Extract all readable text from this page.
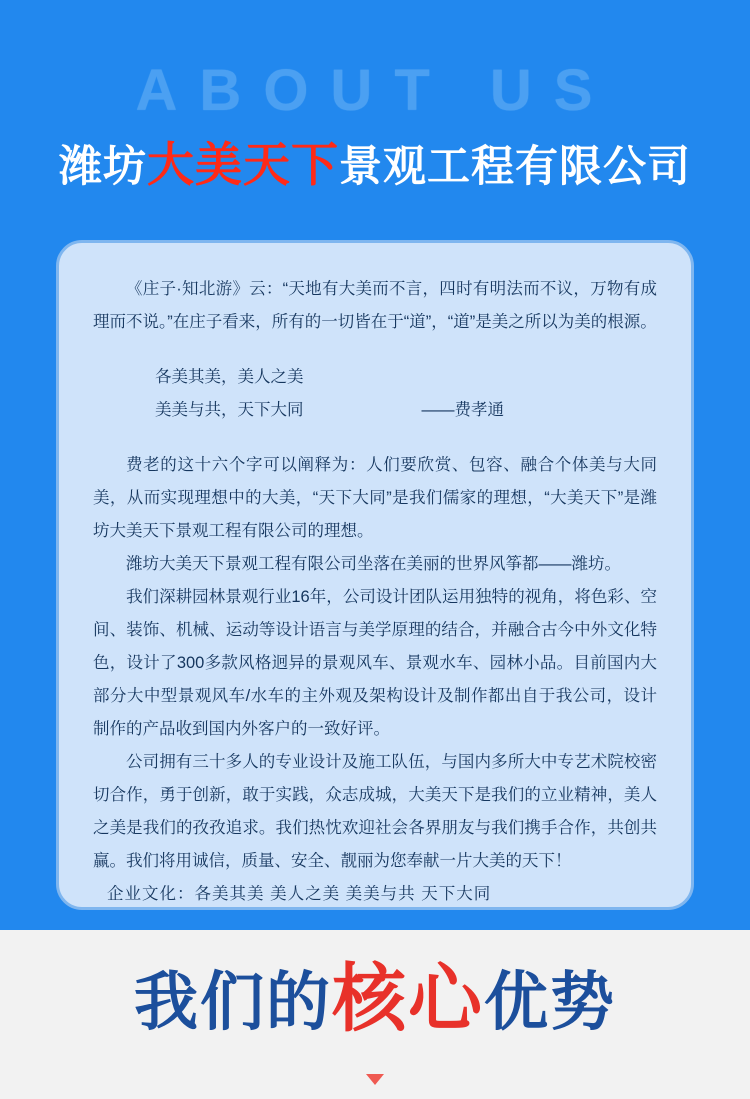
ABOUT US
潍坊大美天下景观工程有限公司

《庄子·知北游》云：“天地有大美而不言，四时有明法而不议，万物有成理而不说。”在庄子看来，所有的一切皆在于“道”，“道”是美之所以为美的根源。

各美其美，美人之美
美美与共，天下大同	——费孝通

费老的这十六个字可以阐释为：人们要欣赏、包容、融合个体美与大同美，从而实现理想中的大美，“天下大同”是我们儒家的理想，“大美天下”是潍坊大美天下景观工程有限公司的理想。

潍坊大美天下景观工程有限公司坐落在美丽的世界风筝都——潍坊。

我们深耕园林景观行业16年，公司设计团队运用独特的视角，将色彩、空间、装饰、机械、运动等设计语言与美学原理的结合，并融合古今中外文化特色，设计了300多款风格迥异的景观风车、景观水车、园林小品。目前国内大部分大中型景观风车/水车的主外观及架构设计及制作都出自于我公司，设计制作的产品收到国内外客户的一致好评。

公司拥有三十多人的专业设计及施工队伍，与国内多所大中专艺术院校密切合作，勇于创新，敢于实践，众志成城，大美天下是我们的立业精神，美人之美是我们的孜孜追求。我们热忱欢迎社会各界朋友与我们携手合作，共创共赢。我们将用诚信，质量、安全、靓丽为您奉献一片大美的天下！

企业文化：各美其美 美人之美 美美与共 天下大同

我们的核心优势
